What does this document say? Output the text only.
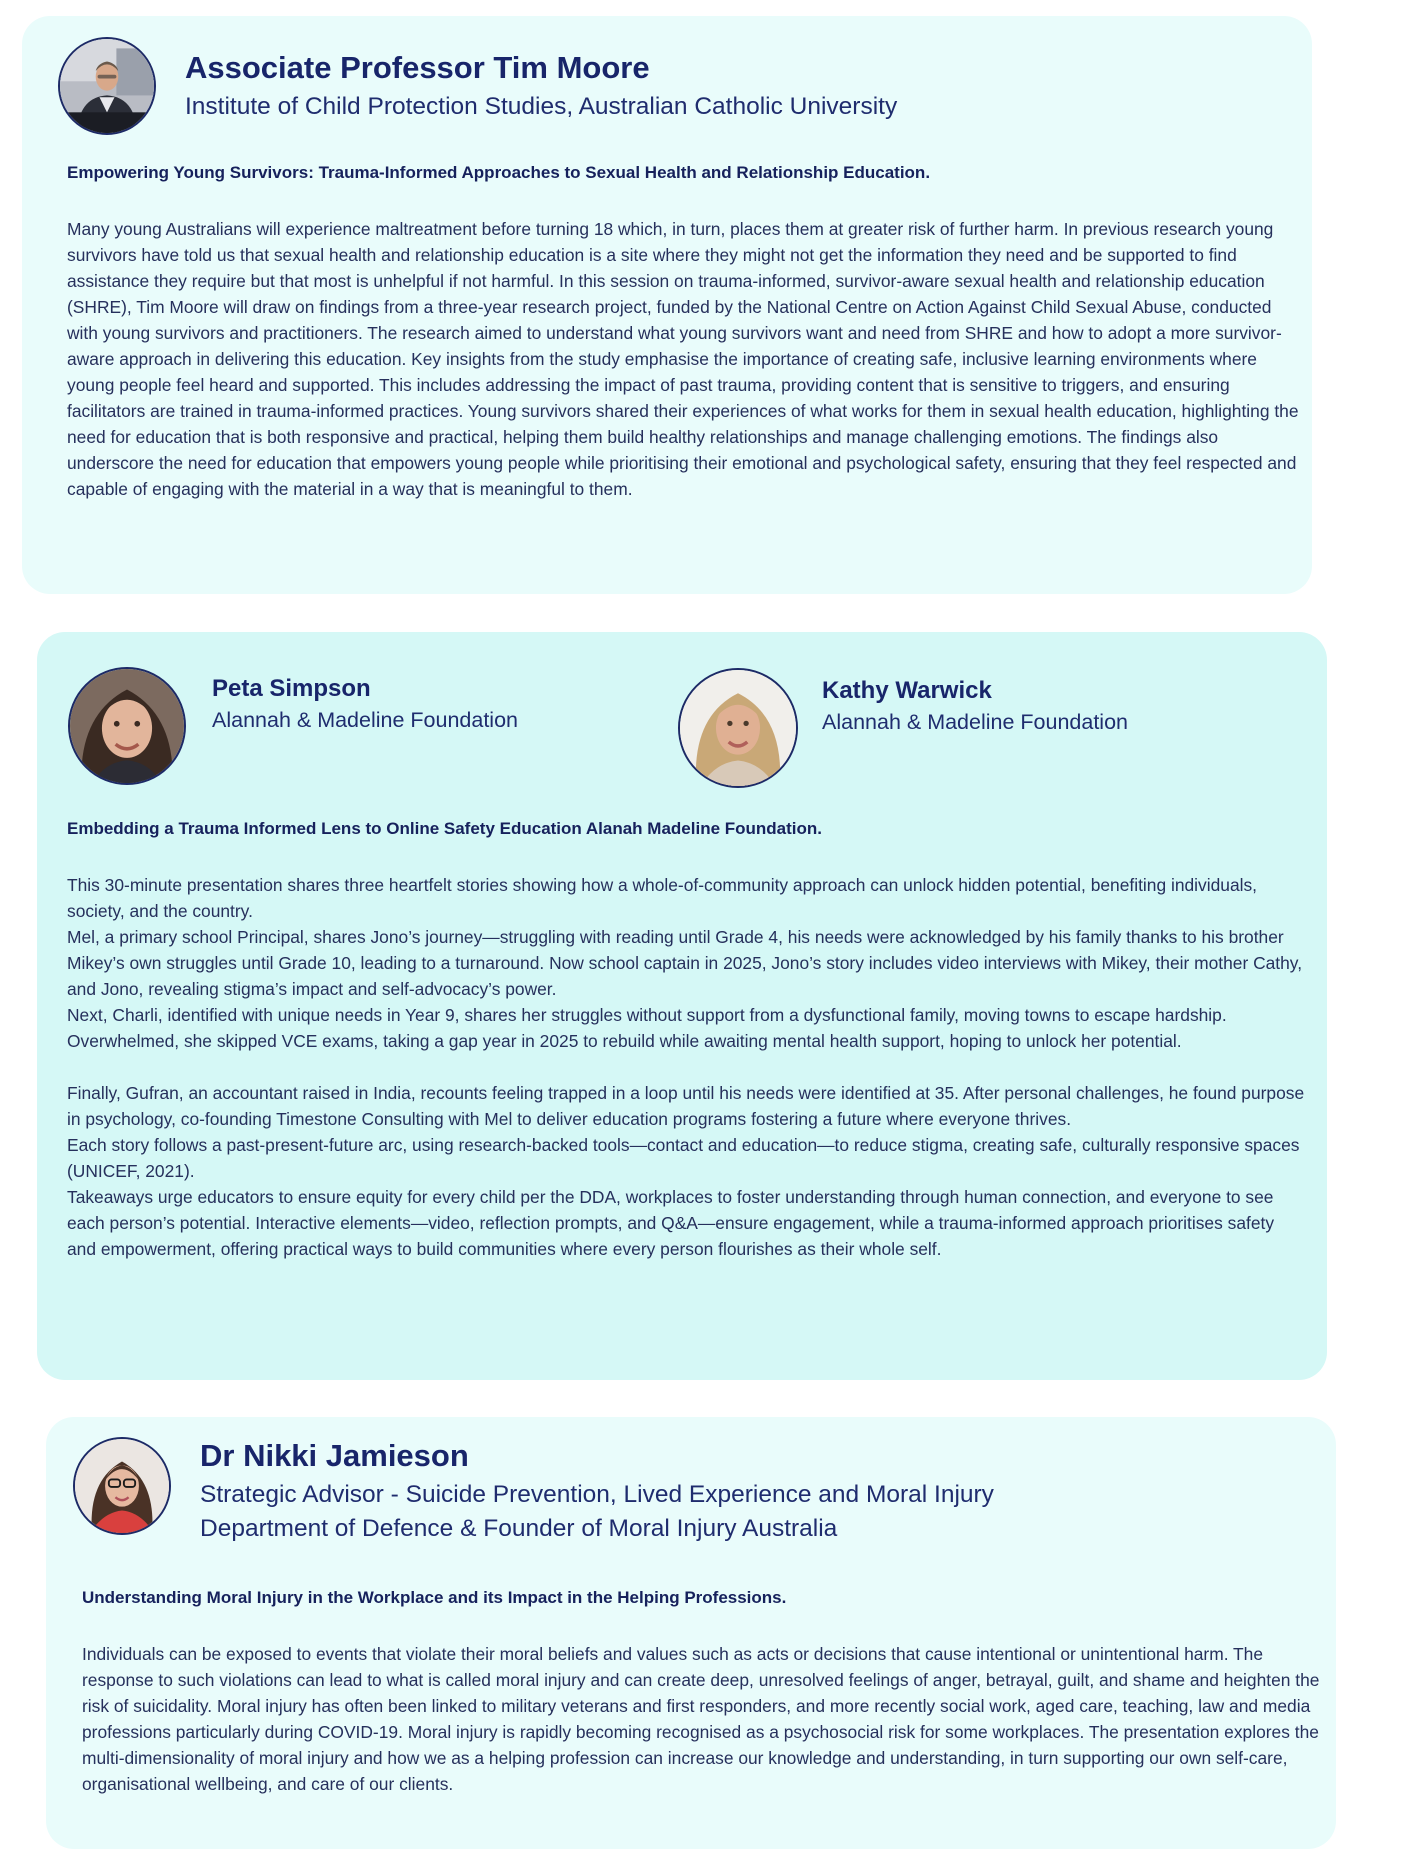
Associate Professor Tim Moore

Institute of Child Protection Studies, Australian Catholic University

Empowering Young Survivors: Trauma-Informed Approaches to Sexual Health and Relationship Education.

Many young Australians will experience maltreatment before turning 18 which, in turn, places them at greater risk of further harm. In previous research young survivors have told us that sexual health and relationship education is a site where they might not get the information they need and be supported to find assistance they require but that most is unhelpful if not harmful. In this session on trauma-informed, survivor-aware sexual health and relationship education (SHRE), Tim Moore will draw on findings from a three-year research project, funded by the National Centre on Action Against Child Sexual Abuse, conducted with young survivors and practitioners. The research aimed to understand what young survivors want and need from SHRE and how to adopt a more survivor-aware approach in delivering this education. Key insights from the study emphasise the importance of creating safe, inclusive learning environments where young people feel heard and supported. This includes addressing the impact of past trauma, providing content that is sensitive to triggers, and ensuring facilitators are trained in trauma-informed practices. Young survivors shared their experiences of what works for them in sexual health education, highlighting the need for education that is both responsive and practical, helping them build healthy relationships and manage challenging emotions. The findings also underscore the need for education that empowers young people while prioritising their emotional and psychological safety, ensuring that they feel respected and capable of engaging with the material in a way that is meaningful to them.

Peta Simpson

Alannah & Madeline Foundation

Kathy Warwick

Alannah & Madeline Foundation

Embedding a Trauma Informed Lens to Online Safety Education Alanah Madeline Foundation.

This 30-minute presentation shares three heartfelt stories showing how a whole-of-community approach can unlock hidden potential, benefiting individuals, society, and the country.

Mel, a primary school Principal, shares Jono’s journey—struggling with reading until Grade 4, his needs were acknowledged by his family thanks to his brother Mikey’s own struggles until Grade 10, leading to a turnaround. Now school captain in 2025, Jono’s story includes video interviews with Mikey, their mother Cathy, and Jono, revealing stigma’s impact and self-advocacy’s power.

Next, Charli, identified with unique needs in Year 9, shares her struggles without support from a dysfunctional family, moving towns to escape hardship. Overwhelmed, she skipped VCE exams, taking a gap year in 2025 to rebuild while awaiting mental health support, hoping to unlock her potential.

Finally, Gufran, an accountant raised in India, recounts feeling trapped in a loop until his needs were identified at 35. After personal challenges, he found purpose in psychology, co-founding Timestone Consulting with Mel to deliver education programs fostering a future where everyone thrives.

Each story follows a past-present-future arc, using research-backed tools—contact and education—to reduce stigma, creating safe, culturally responsive spaces (UNICEF, 2021).

Takeaways urge educators to ensure equity for every child per the DDA, workplaces to foster understanding through human connection, and everyone to see each person’s potential. Interactive elements—video, reflection prompts, and Q&A—ensure engagement, while a trauma-informed approach prioritises safety and empowerment, offering practical ways to build communities where every person flourishes as their whole self.

Dr Nikki Jamieson

Strategic Advisor - Suicide Prevention, Lived Experience and Moral Injury

Department of Defence & Founder of Moral Injury Australia

Understanding Moral Injury in the Workplace and its Impact in the Helping Professions.

Individuals can be exposed to events that violate their moral beliefs and values such as acts or decisions that cause intentional or unintentional harm. The response to such violations can lead to what is called moral injury and can create deep, unresolved feelings of anger, betrayal, guilt, and shame and heighten the risk of suicidality. Moral injury has often been linked to military veterans and first responders, and more recently social work, aged care, teaching, law and media professions particularly during COVID-19. Moral injury is rapidly becoming recognised as a psychosocial risk for some workplaces. The presentation explores the multi-dimensionality of moral injury and how we as a helping profession can increase our knowledge and understanding, in turn supporting our own self-care, organisational wellbeing, and care of our clients.
